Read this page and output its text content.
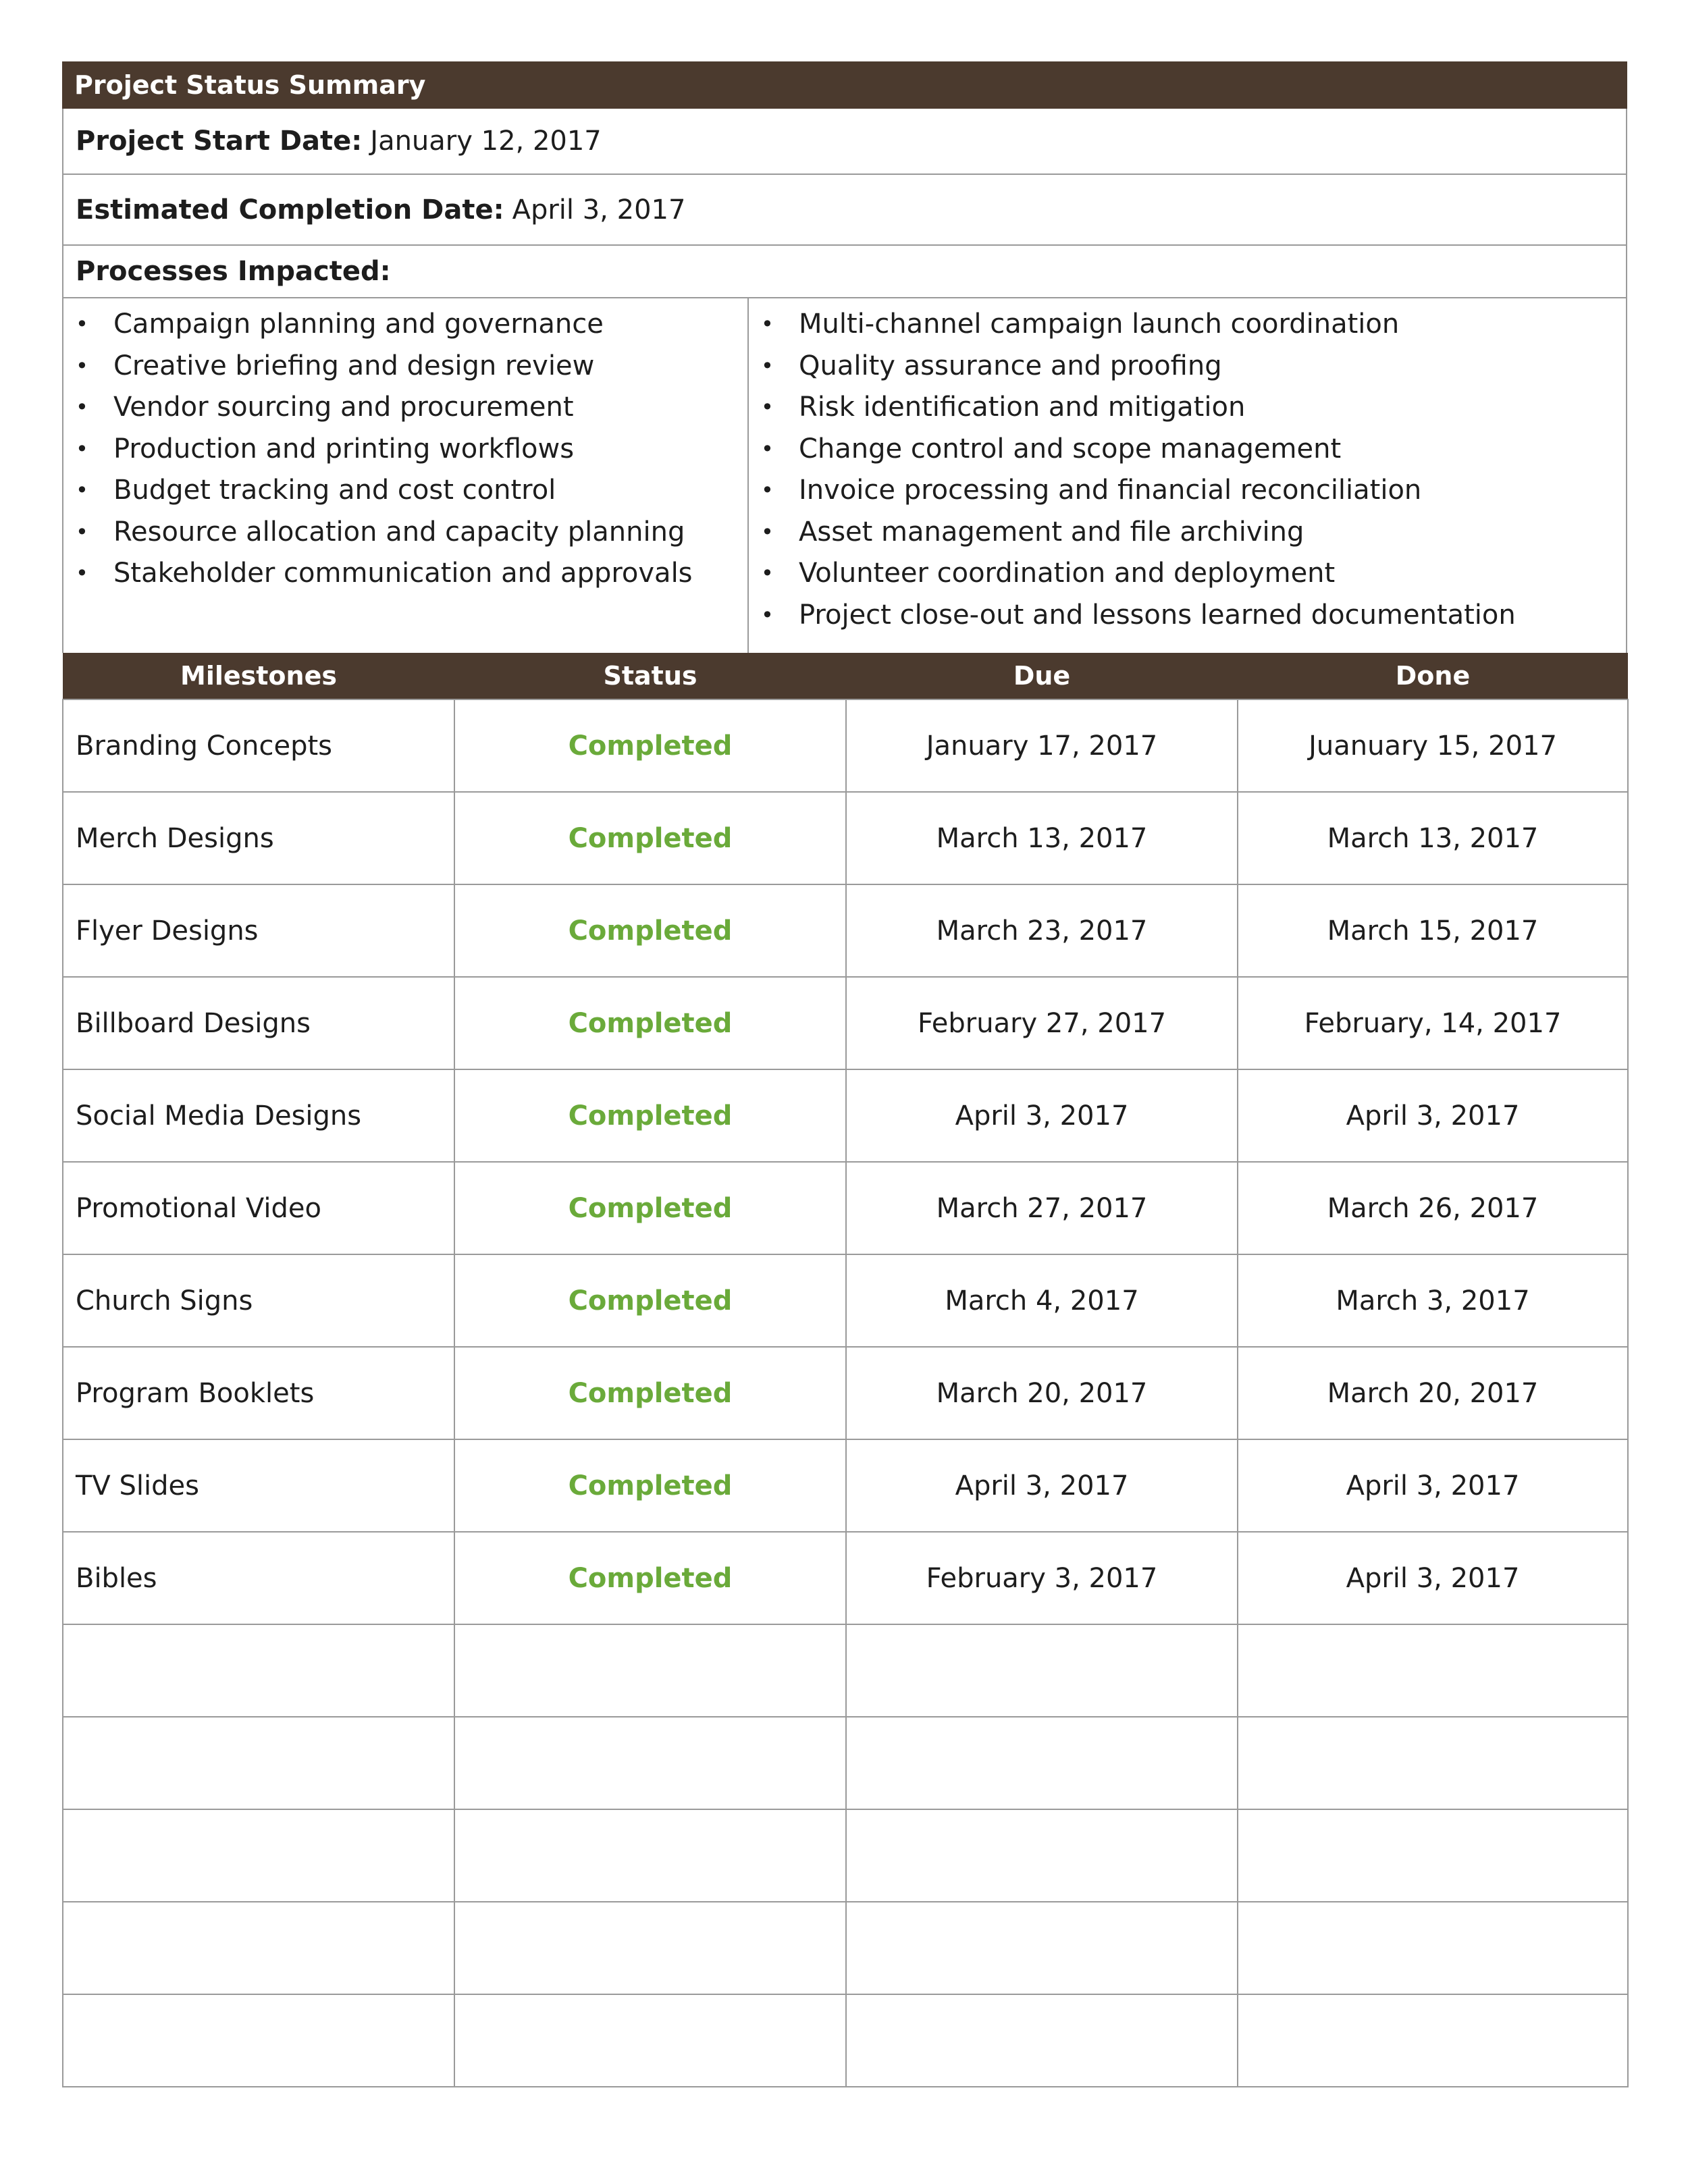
Project Status Summary
Project Start Date: January 12, 2017
Estimated Completion Date: April 3, 2017
Processes Impacted:
• Campaign planning and governance
• Creative briefing and design review
• Vendor sourcing and procurement
• Production and printing workflows
• Budget tracking and cost control
• Resource allocation and capacity planning
• Stakeholder communication and approvals
• Multi-channel campaign launch coordination
• Quality assurance and proofing
• Risk identification and mitigation
• Change control and scope management
• Invoice processing and financial reconciliation
• Asset management and file archiving
• Volunteer coordination and deployment
• Project close-out and lessons learned documentation
Milestones	Status	Due	Done
Branding Concepts	Completed	January 17, 2017	Juanuary 15, 2017
Merch Designs	Completed	March 13, 2017	March 13, 2017
Flyer Designs	Completed	March 23, 2017	March 15, 2017
Billboard Designs	Completed	February 27, 2017	February, 14, 2017
Social Media Designs	Completed	April 3, 2017	April 3, 2017
Promotional Video	Completed	March 27, 2017	March 26, 2017
Church Signs	Completed	March 4, 2017	March 3, 2017
Program Booklets	Completed	March 20, 2017	March 20, 2017
TV Slides	Completed	April 3, 2017	April 3, 2017
Bibles	Completed	February 3, 2017	April 3, 2017
